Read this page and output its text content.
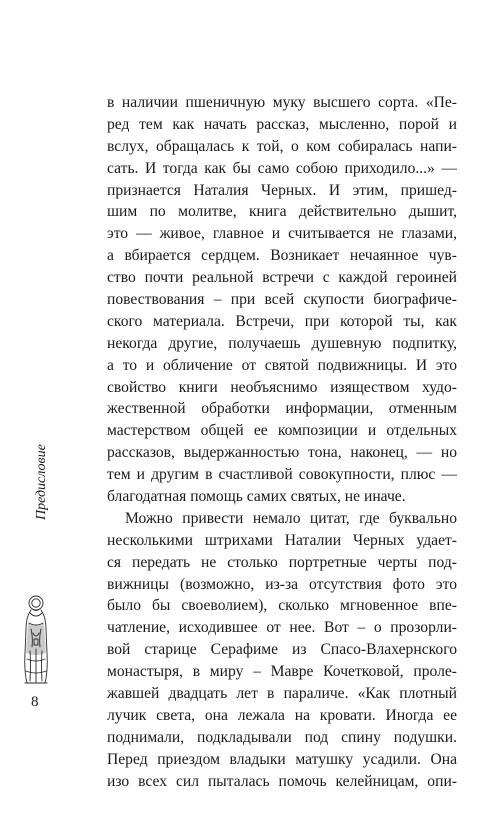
в наличии пшеничную муку высшего сорта. «Пе-
ред тем как начать рассказ, мысленно, порой и
вслух, обращалась к той, о ком собиралась напи-
сать. И тогда как бы само собою приходило...» —
признается Наталия Черных. И этим, пришед-
шим по молитве, книга действительно дышит,
это — живое, главное и считывается не глазами,
а вбирается сердцем. Возникает нечаянное чув-
ство почти реальной встречи с каждой героиней
повествования – при всей скупости биографиче-
ского материала. Встречи, при которой ты, как
некогда другие, получаешь душевную подпитку,
а то и обличение от святой подвижницы. И это
свойство книги необъяснимо изяществом худо-
жественной обработки информации, отменным
мастерством общей ее композиции и отдельных
рассказов, выдержанностью тона, наконец, — но
тем и другим в счастливой совокупности, плюс —
благодатная помощь самих святых, не иначе.
Можно привести немало цитат, где буквально
несколькими штрихами Наталии Черных удает-
ся передать не столько портретные черты под-
вижницы (возможно, из-за отсутствия фото это
было бы своеволием), сколько мгновенное впе-
чатление, исходившее от нее. Вот – о прозорли-
вой старице Серафиме из Спасо-Влахернского
монастыря, в миру – Мавре Кочетковой, проле-
жавшей двадцать лет в параличе. «Как плотный
лучик света, она лежала на кровати. Иногда ее
поднимали, подкладывали под спину подушки.
Перед приездом владыки матушку усадили. Она
изо всех сил пыталась помочь келейницам, опи-
Предисловие
8
